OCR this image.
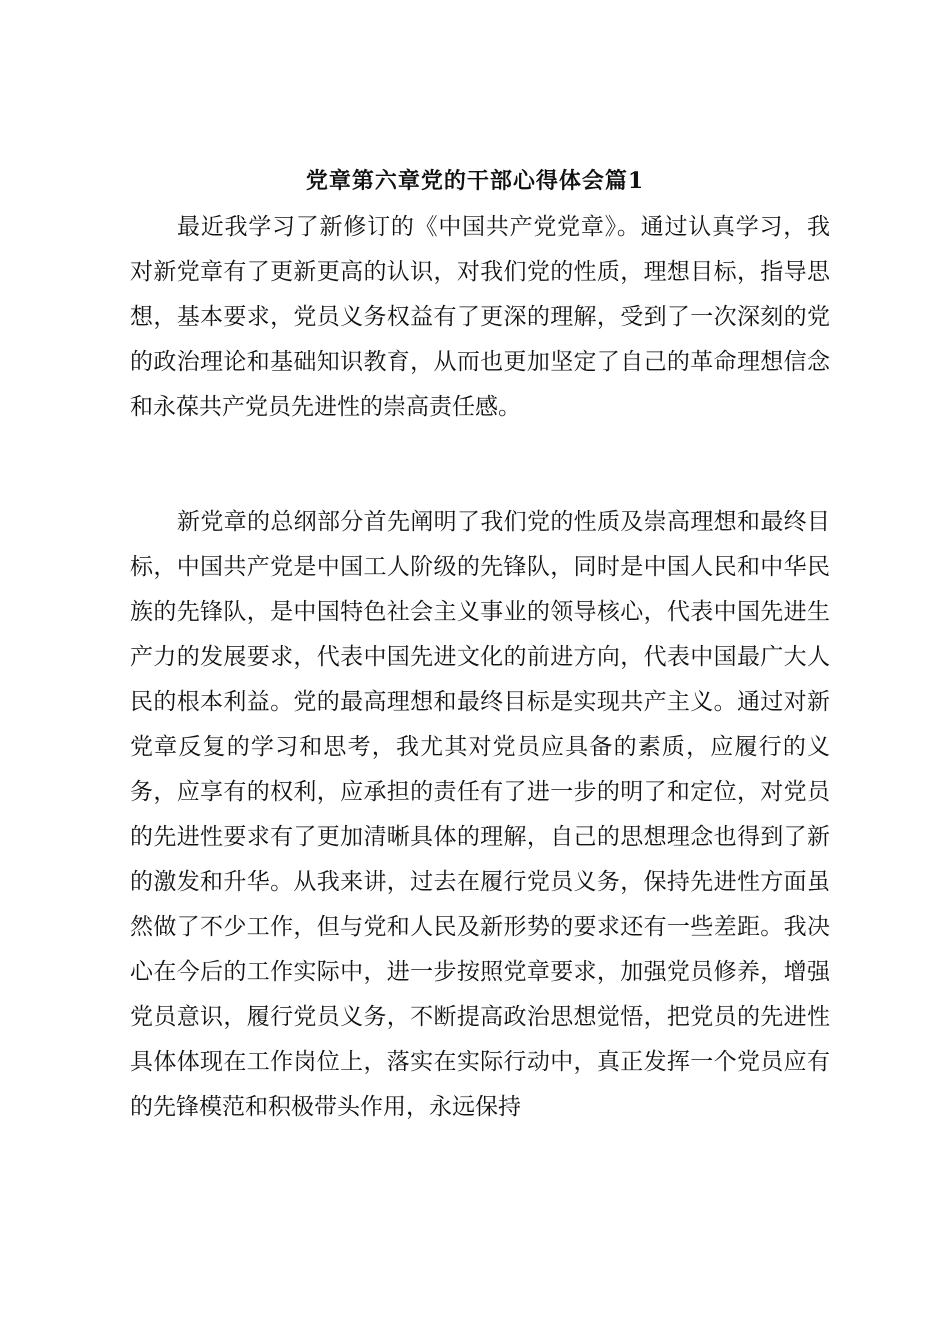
党章第六章党的干部心得体会篇1

最近我学习了新修订的《中国共产党党章》。通过认真学习，我对新党章有了更新更高的认识，对我们党的性质，理想目标，指导思想，基本要求，党员义务权益有了更深的理解，受到了一次深刻的党的政治理论和基础知识教育，从而也更加坚定了自己的革命理想信念和永葆共产党员先进性的崇高责任感。

新党章的总纲部分首先阐明了我们党的性质及崇高理想和最终目标，中国共产党是中国工人阶级的先锋队，同时是中国人民和中华民族的先锋队，是中国特色社会主义事业的领导核心，代表中国先进生产力的发展要求，代表中国先进文化的前进方向，代表中国最广大人民的根本利益。党的最高理想和最终目标是实现共产主义。通过对新党章反复的学习和思考，我尤其对党员应具备的素质，应履行的义务，应享有的权利，应承担的责任有了进一步的明了和定位，对党员的先进性要求有了更加清晰具体的理解，自己的思想理念也得到了新的激发和升华。从我来讲，过去在履行党员义务，保持先进性方面虽然做了不少工作，但与党和人民及新形势的要求还有一些差距。我决心在今后的工作实际中，进一步按照党章要求，加强党员修养，增强党员意识，履行党员义务，不断提高政治思想觉悟，把党员的先进性具体体现在工作岗位上，落实在实际行动中，真正发挥一个党员应有的先锋模范和积极带头作用，永远保持
